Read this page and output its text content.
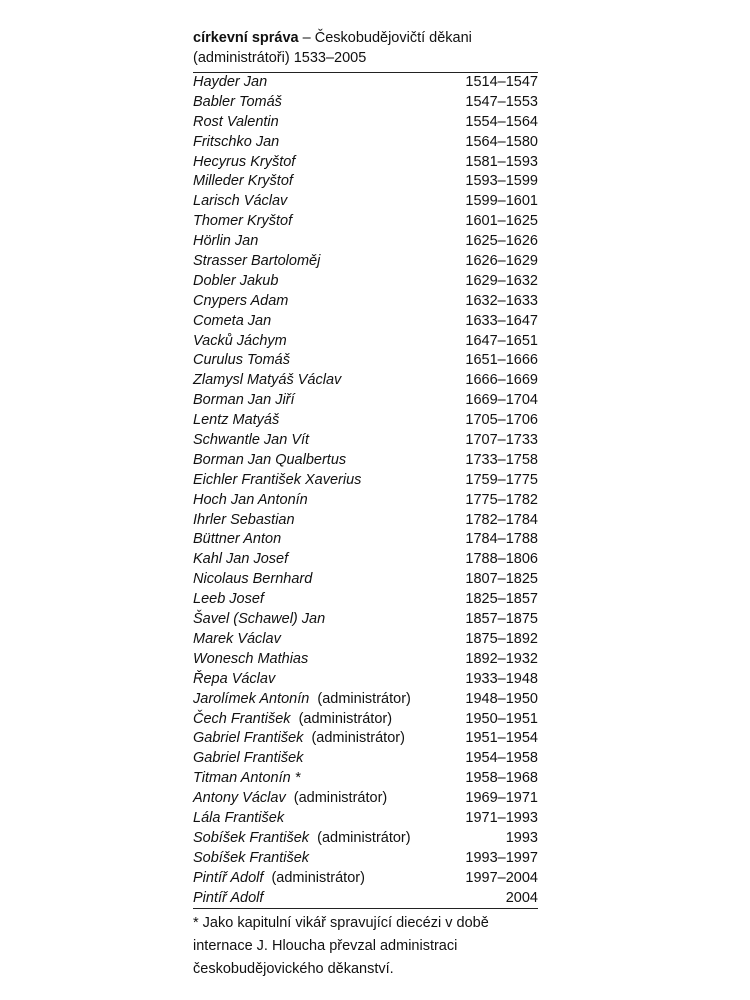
církevní správa – Českobudějovičtí děkani
(administrátoři) 1533–2005
Hayder Jan	1514–1547
Babler Tomáš	1547–1553
Rost Valentin	1554–1564
Fritschko Jan	1564–1580
Hecyrus Kryštof	1581–1593
Milleder Kryštof	1593–1599
Larisch Václav	1599–1601
Thomer Kryštof	1601–1625
Hörlin Jan	1625–1626
Strasser Bartoloměj	1626–1629
Dobler Jakub	1629–1632
Cnypers Adam	1632–1633
Cometa Jan	1633–1647
Vacků Jáchym	1647–1651
Curulus Tomáš	1651–1666
Zlamysl Matyáš Václav	1666–1669
Borman Jan Jiří	1669–1704
Lentz Matyáš	1705–1706
Schwantle Jan Vít	1707–1733
Borman Jan Qualbertus	1733–1758
Eichler František Xaverius	1759–1775
Hoch Jan Antonín	1775–1782
Ihrler Sebastian	1782–1784
Büttner Anton	1784–1788
Kahl Jan Josef	1788–1806
Nicolaus Bernhard	1807–1825
Leeb Josef	1825–1857
Šavel (Schawel) Jan	1857–1875
Marek Václav	1875–1892
Wonesch Mathias	1892–1932
Řepa Václav	1933–1948
Jarolímek Antonín  (administrátor)	1948–1950
Čech František  (administrátor)	1950–1951
Gabriel František  (administrátor)	1951–1954
Gabriel František	1954–1958
Titman Antonín *	1958–1968
Antony Václav  (administrátor)	1969–1971
Lála František	1971–1993
Sobíšek František  (administrátor)	1993
Sobíšek František	1993–1997
Pintíř Adolf  (administrátor)	1997–2004
Pintíř Adolf	2004
* Jako kapitulní vikář spravující diecézi v době
internace J. Hloucha převzal administraci
českobudějovického děkanství.
